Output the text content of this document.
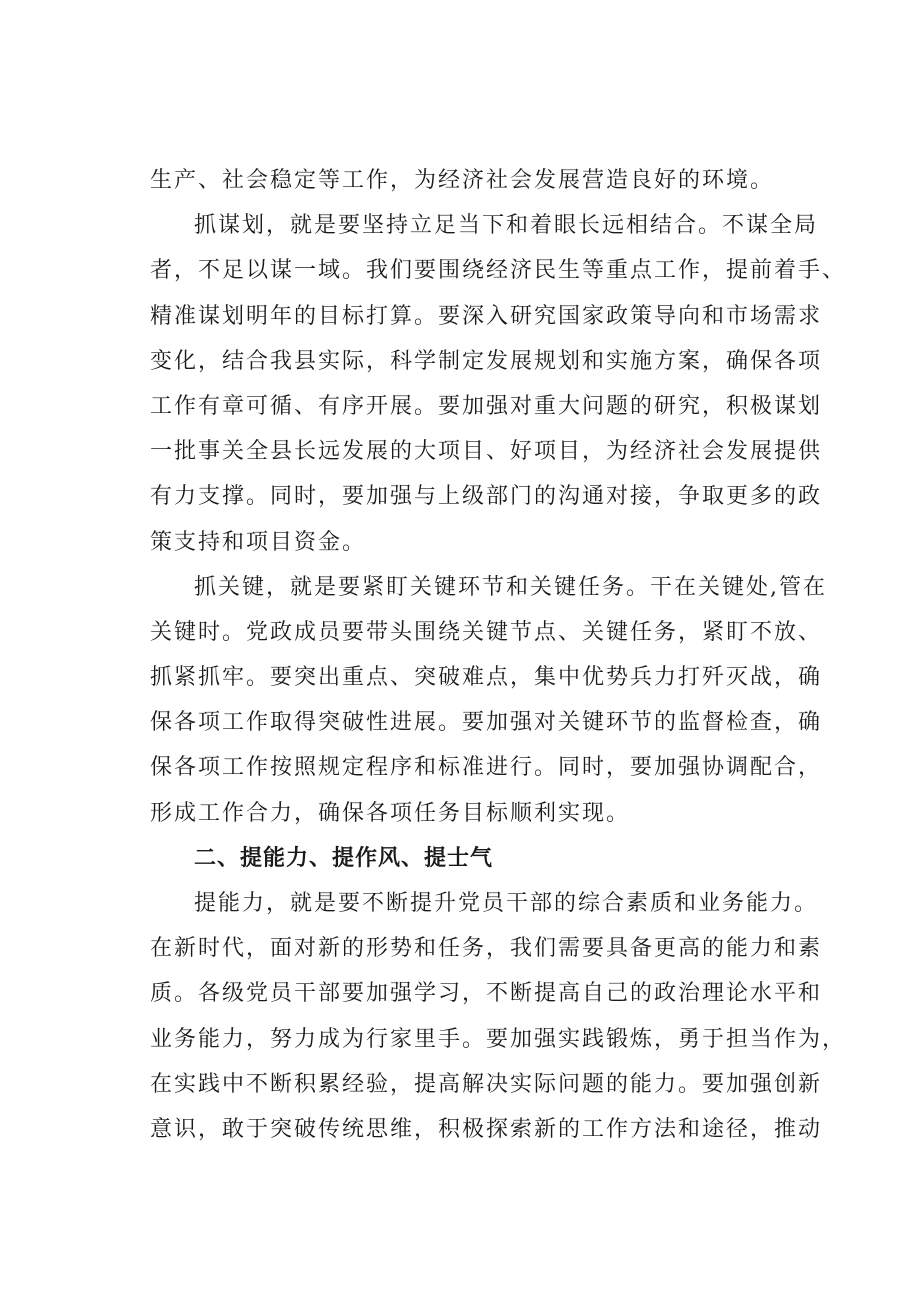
生产、社会稳定等工作，为经济社会发展营造良好的环境。
抓谋划，就是要坚持立足当下和着眼长远相结合。不谋全局
者，不足以谋一域。我们要围绕经济民生等重点工作，提前着手、
精准谋划明年的目标打算。要深入研究国家政策导向和市场需求
变化，结合我县实际，科学制定发展规划和实施方案，确保各项
工作有章可循、有序开展。要加强对重大问题的研究，积极谋划
一批事关全县长远发展的大项目、好项目，为经济社会发展提供
有力支撑。同时，要加强与上级部门的沟通对接，争取更多的政
策支持和项目资金。
抓关键，就是要紧盯关键环节和关键任务。干在关键处,管在
关键时。党政成员要带头围绕关键节点、关键任务，紧盯不放、
抓紧抓牢。要突出重点、突破难点，集中优势兵力打歼灭战，确
保各项工作取得突破性进展。要加强对关键环节的监督检查，确
保各项工作按照规定程序和标准进行。同时，要加强协调配合，
形成工作合力，确保各项任务目标顺利实现。
二、提能力、提作风、提士气
提能力，就是要不断提升党员干部的综合素质和业务能力。
在新时代，面对新的形势和任务，我们需要具备更高的能力和素
质。各级党员干部要加强学习，不断提高自己的政治理论水平和
业务能力，努力成为行家里手。要加强实践锻炼，勇于担当作为，
在实践中不断积累经验，提高解决实际问题的能力。要加强创新
意识，敢于突破传统思维，积极探索新的工作方法和途径，推动
